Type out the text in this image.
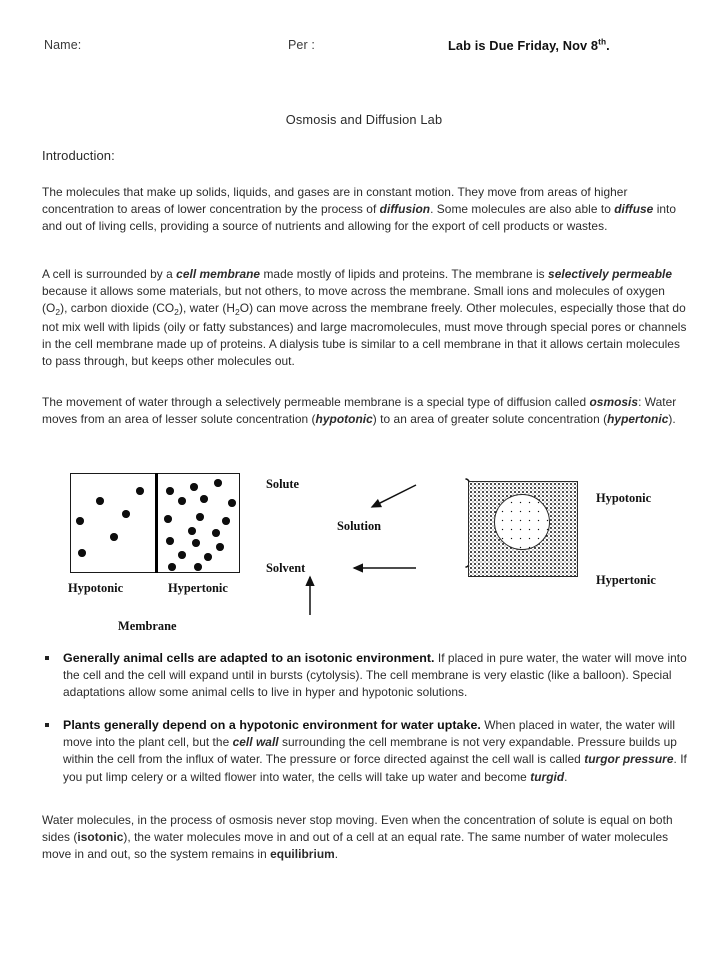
Name:	Per :	Lab is Due Friday, Nov 8th.
Osmosis and Diffusion Lab
Introduction:
The molecules that make up solids, liquids, and gases are in constant motion. They move from areas of higher concentration to areas of lower concentration by the process of diffusion. Some molecules are also able to diffuse into and out of living cells, providing a source of nutrients and allowing for the export of cell products or wastes.
A cell is surrounded by a cell membrane made mostly of lipids and proteins. The membrane is selectively permeable because it allows some materials, but not others, to move across the membrane. Small ions and molecules of oxygen $(O_2)$, carbon dioxide $(CO_2)$, water $(H_2O)$ can move across the membrane freely. Other molecules, especially those that do not mix well with lipids (oily or fatty substances) and large macromolecules, must move through special pores or channels in the cell membrane made up of proteins. A dialysis tube is similar to a cell membrane in that it allows certain molecules to pass through, but keeps other molecules out.
The movement of water through a selectively permeable membrane is a special type of diffusion called osmosis: Water moves from an area of lesser solute concentration (hypotonic) to an area of greater solute concentration (hypertonic).
Solute
Solvent
Solution
Hypotonic	Hypertonic
Membrane
Hypotonic
Hypertonic
Generally animal cells are adapted to an isotonic environment. If placed in pure water, the water will move into the cell and the cell will expand until in bursts (cytolysis). The cell membrane is very elastic (like a balloon). Special adaptations allow some animal cells to live in hyper and hypotonic solutions.
Plants generally depend on a hypotonic environment for water uptake. When placed in water, the water will move into the plant cell, but the cell wall surrounding the cell membrane is not very expandable. Pressure builds up within the cell from the influx of water. The pressure or force directed against the cell wall is called turgor pressure. If you put limp celery or a wilted flower into water, the cells will take up water and become turgid.
Water molecules, in the process of osmosis never stop moving. Even when the concentration of solute is equal on both sides (isotonic), the water molecules move in and out of a cell at an equal rate. The same number of water molecules move in and out, so the system remains in equilibrium.
